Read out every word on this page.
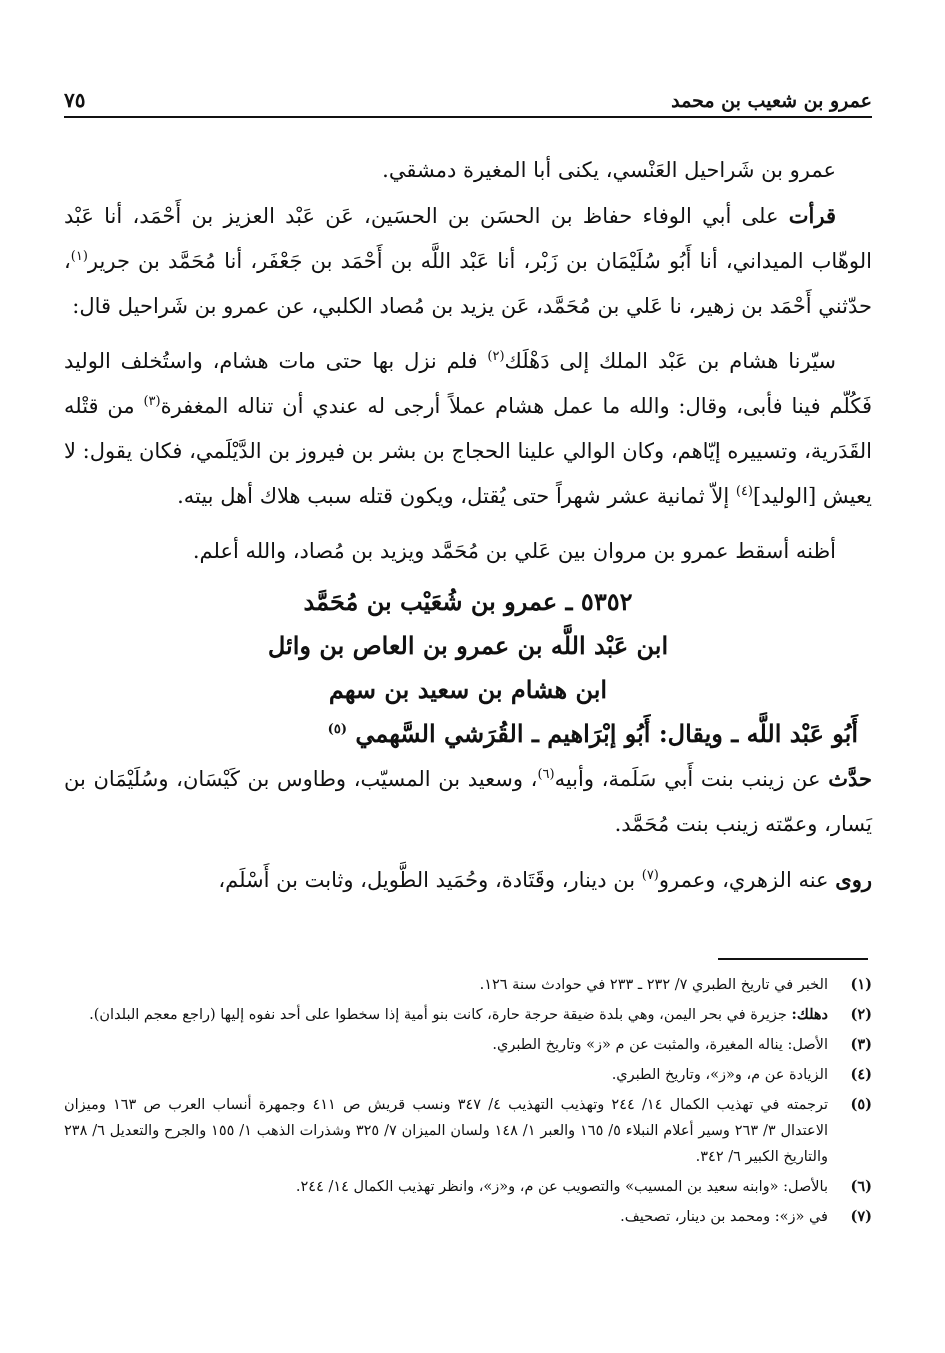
عمرو بن شعيب بن محمد
٧٥

عمرو بن شَراحيل العَنْسي، يكنى أبا المغيرة دمشقي.

قرأت على أبي الوفاء حفاظ بن الحسَن بن الحسَين، عَن عَبْد العزيز بن أَحْمَد، أنا عَبْد الوهّاب الميداني، أنا أَبُو سُلَيْمَان بن زَبْر، أنا عَبْد اللَّه بن أَحْمَد بن جَعْفَر، أنا مُحَمَّد بن جرير$^{(١)}$، حدّثني أَحْمَد بن زهير، نا عَلي بن مُحَمَّد، عَن يزيد بن مُصاد الكلبي، عن عمرو بن شَراحيل قال:

سيّرنا هشام بن عَبْد الملك إلى دَهْلَك$^{(٢)}$ فلم نزل بها حتى مات هشام، واستُخلف الوليد فَكُلّم فينا فأبى، وقال: والله ما عمل هشام عملاً أرجى له عندي أن تناله المغفرة$^{(٣)}$ من قتْله القَدَرية، وتسييره إيّاهم، وكان الوالي علينا الحجاج بن بشر بن فيروز بن الدَّيْلَمي، فكان يقول: لا يعيش [الوليد]$^{(٤)}$ إلاّ ثمانية عشر شهراً حتى يُقتل، ويكون قتله سبب هلاك أهل بيته.

أظنه أسقط عمرو بن مروان بين عَلي بن مُحَمَّد ويزيد بن مُصاد، والله أعلم.

٥٣٥٢ ـ عمرو بن شُعَيْب بن مُحَمَّد
ابن عَبْد اللَّه بن عمرو بن العاص بن وائل
ابن هشام بن سعيد بن سهم
أَبُو عَبْد اللَّه ـ ويقال: أَبُو إبْرَاهيم ـ القُرَشي السَّهمي $^{(٥)}$

حدَّث عن زينب بنت أَبي سَلَمة، وأبيه$^{(٦)}$، وسعيد بن المسيّب، وطاوس بن كَيْسَان، وسُلَيْمَان بن يَسار، وعمّته زينب بنت مُحَمَّد.

روى عنه الزهري، وعمرو$^{(٧)}$ بن دينار، وقَتَادة، وحُمَيد الطَّويل، وثابت بن أَسْلَم،

(١)
الخبر في تاريخ الطبري ٧/ ٢٣٢ ـ ٢٣٣ في حوادث سنة ١٢٦.
(٢)
دهلك: جزيرة في بحر اليمن، وهي بلدة ضيقة حرجة حارة، كانت بنو أمية إذا سخطوا على أحد نفوه إليها (راجع معجم البلدان).
(٣)
الأصل: يناله المغيرة، والمثبت عن م «ز» وتاريخ الطبري.
(٤)
الزيادة عن م، و«ز»، وتاريخ الطبري.
(٥)
ترجمته في تهذيب الكمال ١٤/ ٢٤٤ وتهذيب التهذيب ٤/ ٣٤٧ ونسب قريش ص ٤١١ وجمهرة أنساب العرب ص ١٦٣ وميزان الاعتدال ٣/ ٢٦٣ وسير أعلام النبلاء ٥/ ١٦٥ والعبر ١/ ١٤٨ ولسان الميزان ٧/ ٣٢٥ وشذرات الذهب ١/ ١٥٥ والجرح والتعديل ٦/ ٢٣٨ والتاريخ الكبير ٦/ ٣٤٢.
(٦)
بالأصل: «وابنه سعيد بن المسيب» والتصويب عن م، و«ز»، وانظر تهذيب الكمال ١٤/ ٢٤٤.
(٧)
في «ز»: ومحمد بن دينار، تصحيف.
